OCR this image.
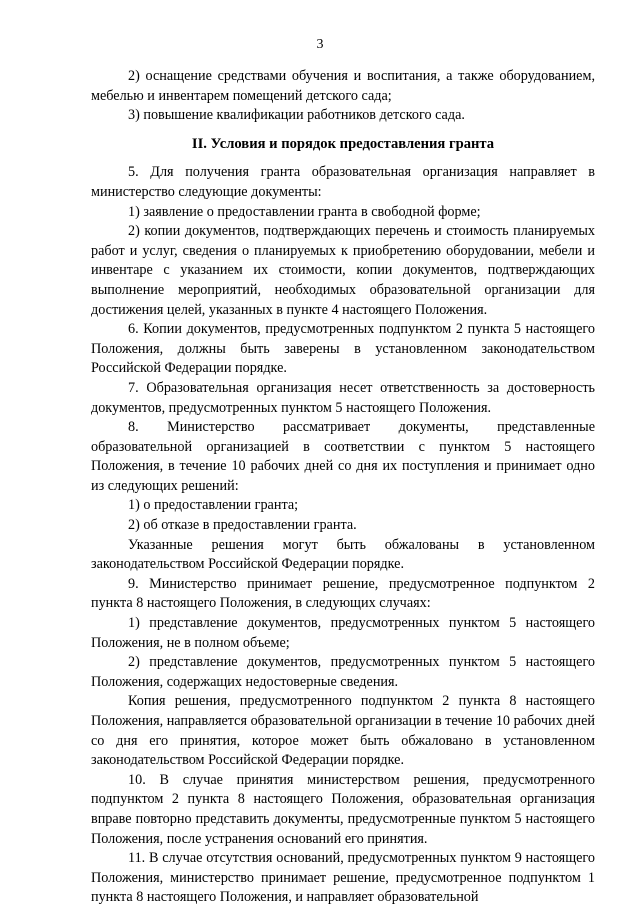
3

2) оснащение средствами обучения и воспитания, а также оборудованием, мебелью и инвентарем помещений детского сада;

3) повышение квалификации работников детского сада.

II. Условия и порядок предоставления гранта

5. Для получения гранта образовательная организация направляет в министерство следующие документы:

1) заявление о предоставлении гранта в свободной форме;

2) копии документов, подтверждающих перечень и стоимость планируемых работ и услуг, сведения о планируемых к приобретению оборудовании, мебели и инвентаре с указанием их стоимости, копии документов, подтверждающих выполнение мероприятий, необходимых образовательной организации для достижения целей, указанных в пункте 4 настоящего Положения.

6. Копии документов, предусмотренных подпунктом 2 пункта 5 настоящего Положения, должны быть заверены в установленном законодательством Российской Федерации порядке.

7. Образовательная организация несет ответственность за достоверность документов, предусмотренных пунктом 5 настоящего Положения.

8. Министерство рассматривает документы, представленные образовательной организацией в соответствии с пунктом 5 настоящего Положения, в течение 10 рабочих дней со дня их поступления и принимает одно из следующих решений:

1) о предоставлении гранта;

2) об отказе в предоставлении гранта.

Указанные решения могут быть обжалованы в установленном законодательством Российской Федерации порядке.

9. Министерство принимает решение, предусмотренное подпунктом 2 пункта 8 настоящего Положения, в следующих случаях:

1) представление документов, предусмотренных пунктом 5 настоящего Положения, не в полном объеме;

2) представление документов, предусмотренных пунктом 5 настоящего Положения, содержащих недостоверные сведения.

Копия решения, предусмотренного подпунктом 2 пункта 8 настоящего Положения, направляется образовательной организации в течение 10 рабочих дней со дня его принятия, которое может быть обжаловано в установленном законодательством Российской Федерации порядке.

10. В случае принятия министерством решения, предусмотренного подпунктом 2 пункта 8 настоящего Положения, образовательная организация вправе повторно представить документы, предусмотренные пунктом 5 настоящего Положения, после устранения оснований его принятия.

11. В случае отсутствия оснований, предусмотренных пунктом 9 настоящего Положения, министерство принимает решение, предусмотренное подпунктом 1 пункта 8 настоящего Положения, и направляет образовательной
